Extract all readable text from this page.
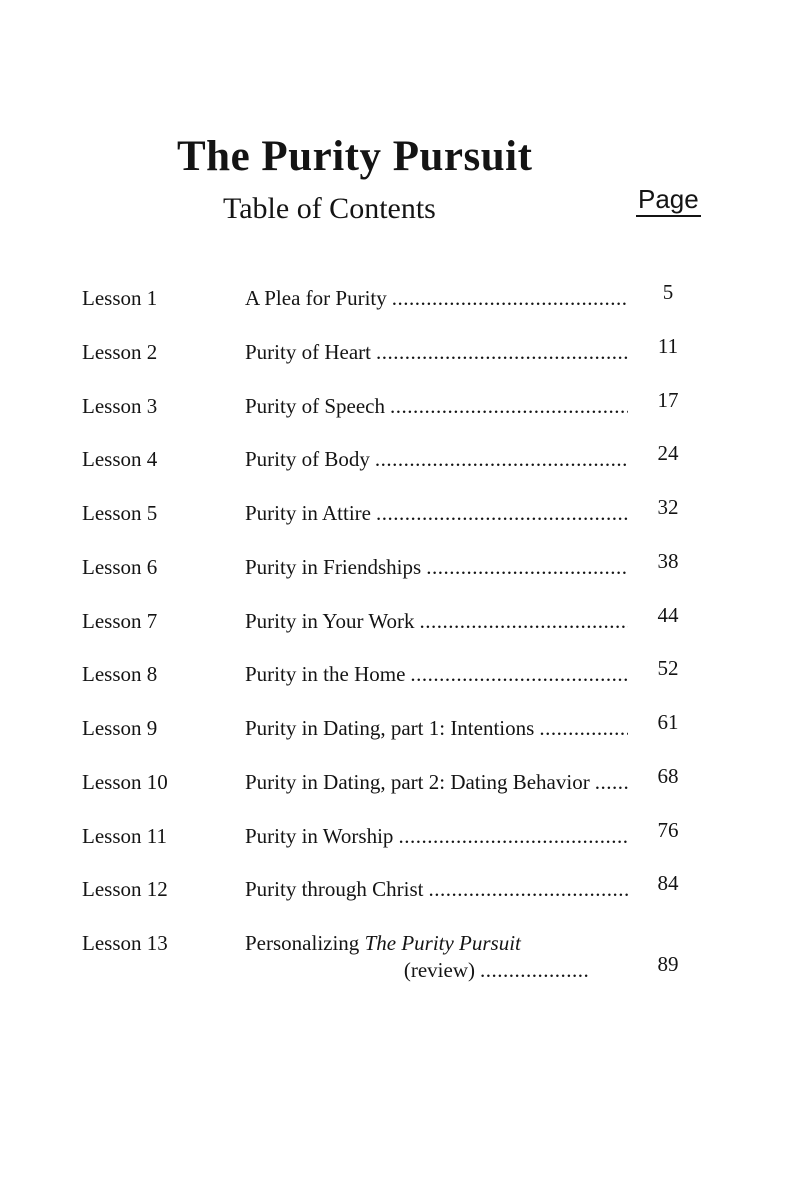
The Purity Pursuit
Table of Contents	Page
Lesson 1	A Plea for Purity .....	5
Lesson 2	Purity of Heart .....	11
Lesson 3	Purity of Speech .....	17
Lesson 4	Purity of Body .....	24
Lesson 5	Purity in Attire .....	32
Lesson 6	Purity in Friendships .....	38
Lesson 7	Purity in Your Work .....	44
Lesson 8	Purity in the Home .....	52
Lesson 9	Purity in Dating, part 1: Intentions .....	61
Lesson 10	Purity in Dating, part 2: Dating Behavior .....	68
Lesson 11	Purity in Worship .....	76
Lesson 12	Purity through Christ .....	84
Lesson 13	Personalizing The Purity Pursuit
(review) .....	89
